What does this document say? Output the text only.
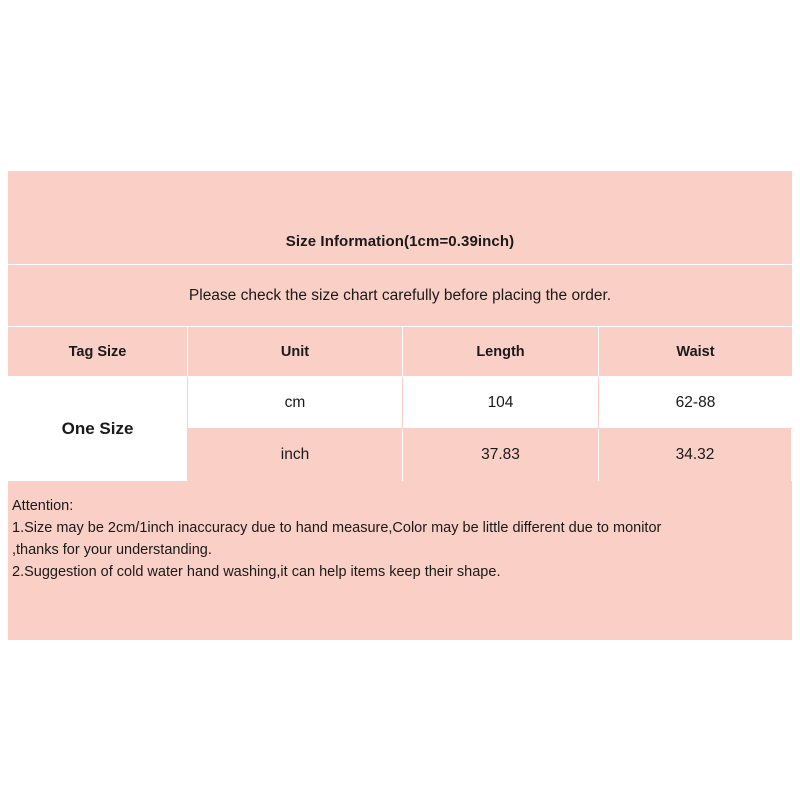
Size Information(1cm=0.39inch)
Please check the size chart carefully before placing the order.
Tag Size	Unit	Length	Waist
One Size
cm	104	62-88
inch	37.83	34.32
Attention:
1.Size may be 2cm/1inch inaccuracy due to hand measure,Color may be little different due to monitor
,thanks for your understanding.
2.Suggestion of cold water hand washing,it can help items keep their shape.
